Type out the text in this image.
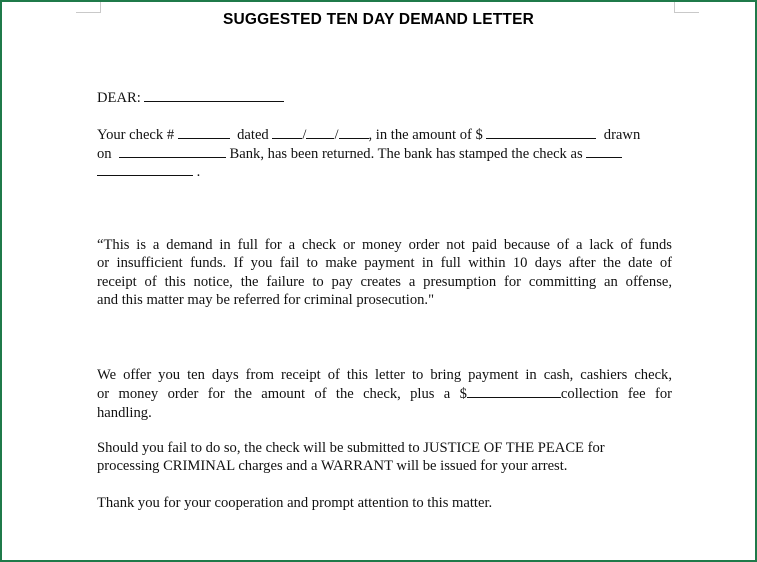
SUGGESTED TEN DAY DEMAND LETTER
DEAR:
Your check #	dated / / , in the amount of $	drawn
on	Bank, has been returned. The bank has stamped the check as
.
“This is a demand in full for a check or money order not paid because of a lack of funds
or insufficient funds. If you fail to make payment in full within 10 days after the date of
receipt of this notice, the failure to pay creates a presumption for committing an offense,
and this matter may be referred for criminal prosecution."
We offer you ten days from receipt of this letter to bring payment in cash, cashiers check,
or money order for the amount of the check, plus a $	collection fee for
handling.
Should you fail to do so, the check will be submitted to JUSTICE OF THE PEACE for
processing CRIMINAL charges and a WARRANT will be issued for your arrest.
Thank you for your cooperation and prompt attention to this matter.
